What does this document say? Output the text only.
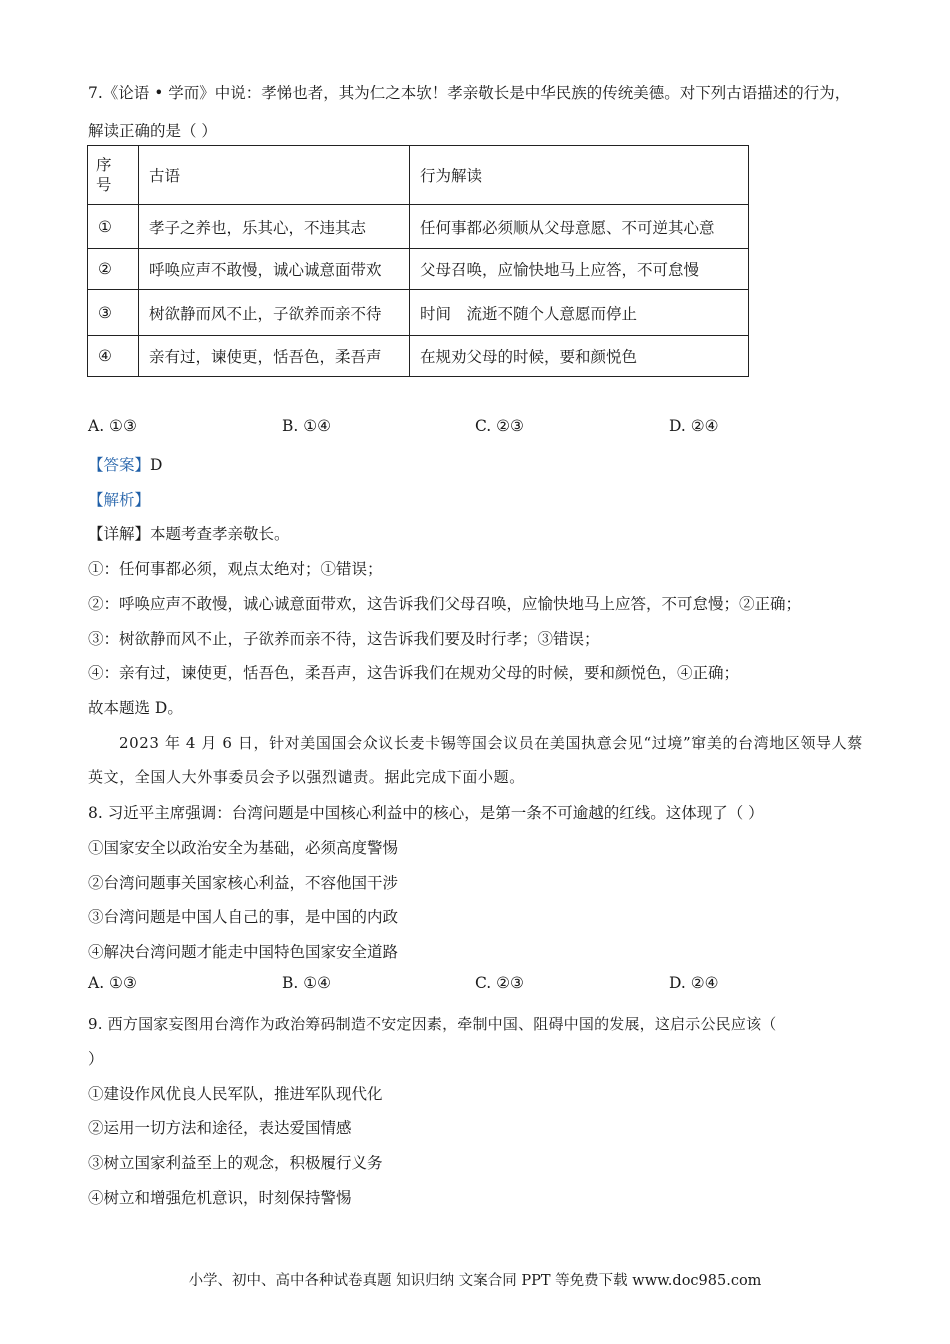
7.《论语 • 学而》中说：孝悌也者，其为仁之本欤！孝亲敬长是中华民族的传统美德。对下列古语描述的行为，解读正确的是（ ）
序号	古语	行为解读
①	孝子之养也，乐其心，不违其志	任何事都必须顺从父母意愿、不可逆其心意
②	呼唤应声不敢慢，诚心诚意面带欢	父母召唤，应愉快地马上应答，不可怠慢
③	树欲静而风不止，子欲养而亲不待	时间　流逝不随个人意愿而停止
④	亲有过，谏使更，恬吾色，柔吾声	在规劝父母的时候，要和颜悦色
A. ①③	B. ①④	C. ②③	D. ②④
【答案】D
【解析】
【详解】本题考查孝亲敬长。
①：任何事都必须，观点太绝对；①错误；
②：呼唤应声不敢慢，诚心诚意面带欢，这告诉我们父母召唤，应愉快地马上应答，不可怠慢；②正确；
③：树欲静而风不止，子欲养而亲不待，这告诉我们要及时行孝；③错误；
④：亲有过，谏使更，恬吾色，柔吾声，这告诉我们在规劝父母的时候，要和颜悦色，④正确；
故本题选 D。
2023 年 4 月 6 日，针对美国国会众议长麦卡锡等国会议员在美国执意会见“过境”窜美的台湾地区领导人蔡英文，全国人大外事委员会予以强烈谴责。据此完成下面小题。
8. 习近平主席强调：台湾问题是中国核心利益中的核心，是第一条不可逾越的红线。这体现了（ ）
①国家安全以政治安全为基础，必须高度警惕
②台湾问题事关国家核心利益，不容他国干涉
③台湾问题是中国人自己的事，是中国的内政
④解决台湾问题才能走中国特色国家安全道路
A. ①③	B. ①④	C. ②③	D. ②④
9. 西方国家妄图用台湾作为政治筹码制造不安定因素，牵制中国、阻碍中国的发展，这启示公民应该（
）
①建设作风优良人民军队，推进军队现代化
②运用一切方法和途径，表达爱国情感
③树立国家利益至上的观念，积极履行义务
④树立和增强危机意识，时刻保持警惕
小学、初中、高中各种试卷真题 知识归纳 文案合同 PPT 等免费下载 www.doc985.com
